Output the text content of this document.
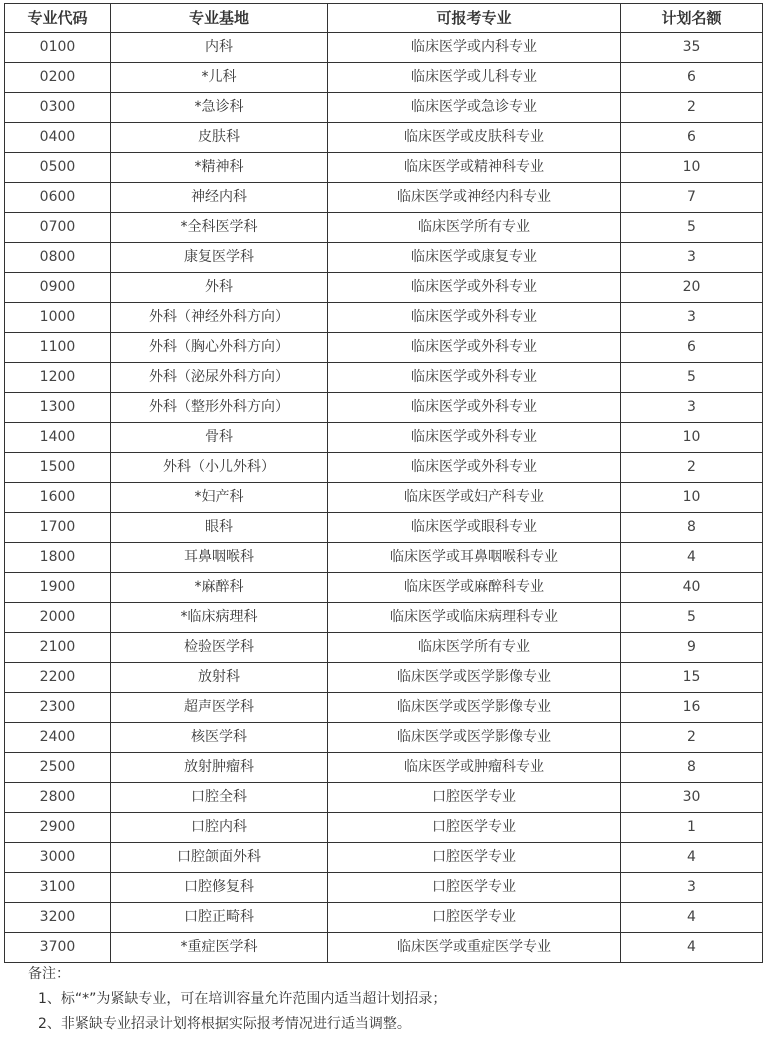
专业代码	专业基地	可报考专业	计划名额
0100	内科	临床医学或内科专业	35
0200	*儿科	临床医学或儿科专业	6
0300	*急诊科	临床医学或急诊专业	2
0400	皮肤科	临床医学或皮肤科专业	6
0500	*精神科	临床医学或精神科专业	10
0600	神经内科	临床医学或神经内科专业	7
0700	*全科医学科	临床医学所有专业	5
0800	康复医学科	临床医学或康复专业	3
0900	外科	临床医学或外科专业	20
1000	外科（神经外科方向）	临床医学或外科专业	3
1100	外科（胸心外科方向）	临床医学或外科专业	6
1200	外科（泌尿外科方向）	临床医学或外科专业	5
1300	外科（整形外科方向）	临床医学或外科专业	3
1400	骨科	临床医学或外科专业	10
1500	外科（小儿外科）	临床医学或外科专业	2
1600	*妇产科	临床医学或妇产科专业	10
1700	眼科	临床医学或眼科专业	8
1800	耳鼻咽喉科	临床医学或耳鼻咽喉科专业	4
1900	*麻醉科	临床医学或麻醉科专业	40
2000	*临床病理科	临床医学或临床病理科专业	5
2100	检验医学科	临床医学所有专业	9
2200	放射科	临床医学或医学影像专业	15
2300	超声医学科	临床医学或医学影像专业	16
2400	核医学科	临床医学或医学影像专业	2
2500	放射肿瘤科	临床医学或肿瘤科专业	8
2800	口腔全科	口腔医学专业	30
2900	口腔内科	口腔医学专业	1
3000	口腔颌面外科	口腔医学专业	4
3100	口腔修复科	口腔医学专业	3
3200	口腔正畸科	口腔医学专业	4
3700	*重症医学科	临床医学或重症医学专业	4
备注：
1、标“*”为紧缺专业，可在培训容量允许范围内适当超计划招录；
2、非紧缺专业招录计划将根据实际报考情况进行适当调整。
